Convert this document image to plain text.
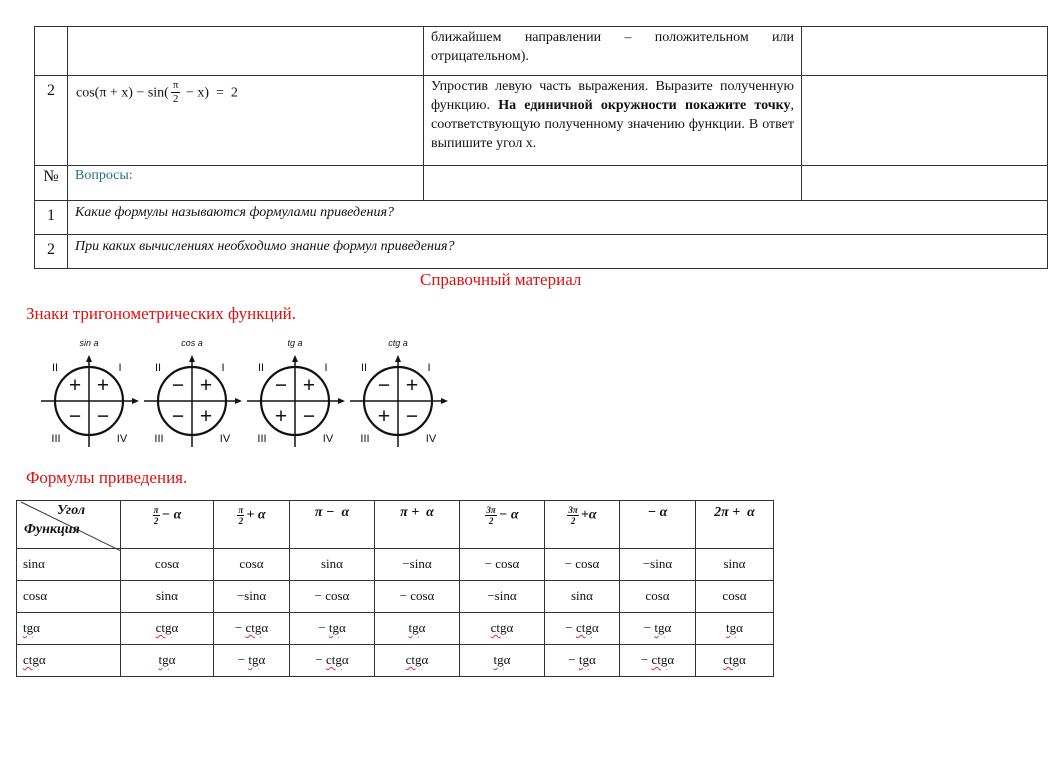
		ближайшем направлении – положительном или отрицательном).	
2	$\cos(\pi + x) - \sin( \frac{\pi}{2} - x) = 2$	Упростив левую часть выражения. Выразите полученную функцию. На единичной окружности покажите точку, соответствующую полученному значению функции. В ответ выпишите угол x.	
№	Вопросы:		
1	Какие формулы называются формулами приведения?		
2	При каких вычислениях необходимо знание формул приведения?		
Справочный материал
Знаки тригонометрических функций.
sin a
+
+
− −
I
II
III	IV
cos a
+
−
− +
I
II
III	IV
tg a
+
−
+ −
I
II
III	IV
ctg a
+
−
+ −
I
II
III	IV
Формулы приведения.
Угол
Функция	$\frac{\pi}{2} - \alpha$	$\frac{\pi}{2} + \alpha$	π −  α	π +  α	$\frac{3\pi}{2} - \alpha$	$\frac{3\pi}{2} +\alpha$	− α	2π +  α
sinα	cosα	cosα	sinα	−sinα	− cosα	− cosα	−sinα	sinα
cosα	sinα	−sinα	− cosα	− cosα	−sinα	sinα	cosα	cosα
tgα	ctgα	− ctgα	− tgα	tgα	ctgα	− ctgα	− tgα	tgα
ctgα	tgα	− tgα	− ctgα	ctgα	tgα	− tgα	− ctgα	ctgα
